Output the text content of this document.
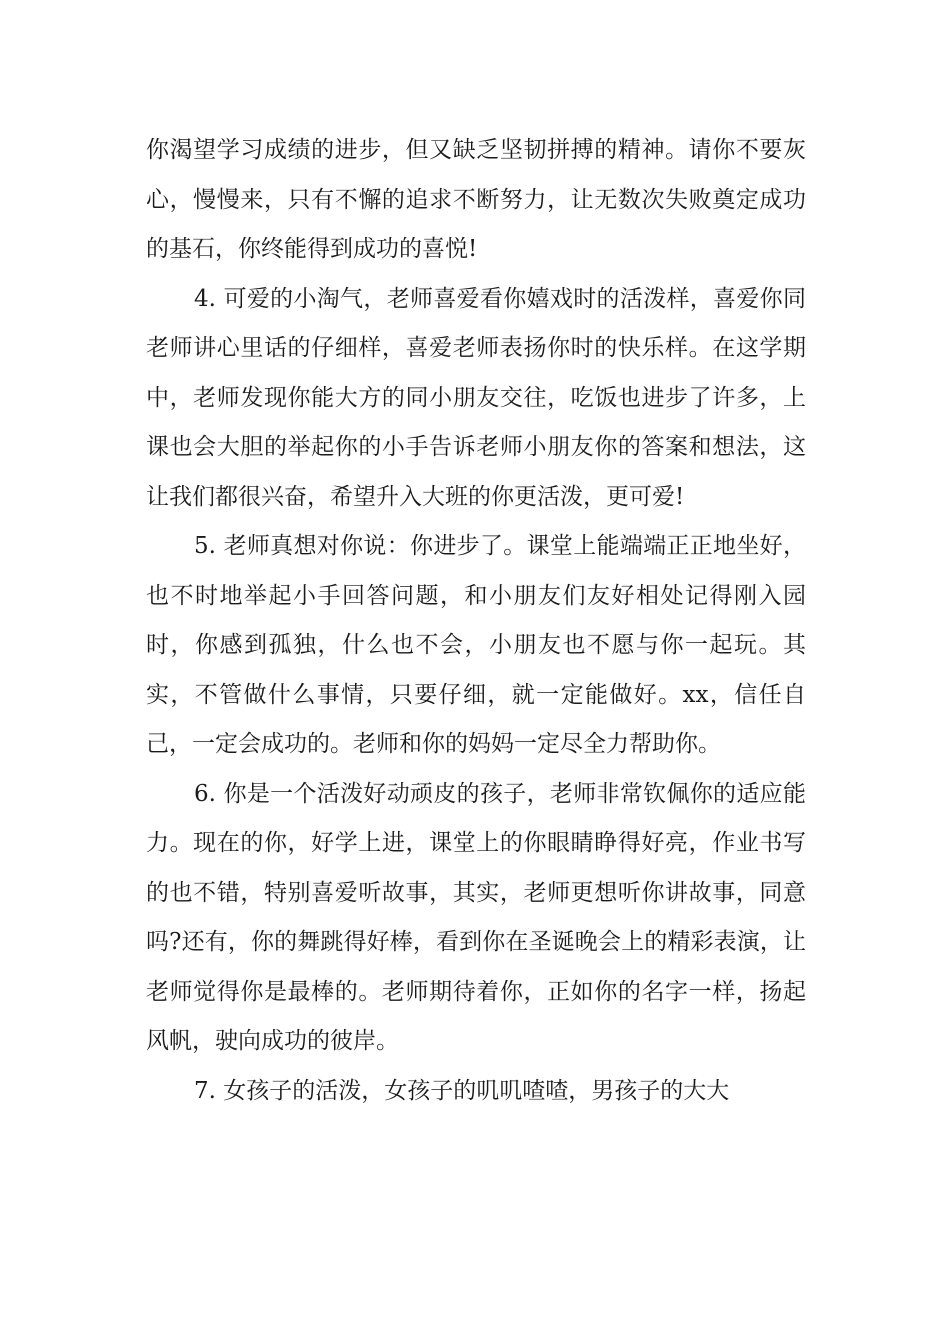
你渴望学习成绩的进步，但又缺乏坚韧拼搏的精神。请你不要灰心，慢慢来，只有不懈的追求不断努力，让无数次失败奠定成功的基石，你终能得到成功的喜悦!

4. 可爱的小淘气，老师喜爱看你嬉戏时的活泼样，喜爱你同老师讲心里话的仔细样，喜爱老师表扬你时的快乐样。在这学期中，老师发现你能大方的同小朋友交往，吃饭也进步了许多，上课也会大胆的举起你的小手告诉老师小朋友你的答案和想法，这让我们都很兴奋，希望升入大班的你更活泼，更可爱!

5. 老师真想对你说：你进步了。课堂上能端端正正地坐好，也不时地举起小手回答问题，和小朋友们友好相处记得刚入园时，你感到孤独，什么也不会，小朋友也不愿与你一起玩。其实，不管做什么事情，只要仔细，就一定能做好。xx，信任自己，一定会成功的。老师和你的妈妈一定尽全力帮助你。

6. 你是一个活泼好动顽皮的孩子，老师非常钦佩你的适应能力。现在的你，好学上进，课堂上的你眼睛睁得好亮，作业书写的也不错，特别喜爱听故事，其实，老师更想听你讲故事，同意吗?还有，你的舞跳得好棒，看到你在圣诞晚会上的精彩表演，让老师觉得你是最棒的。老师期待着你，正如你的名字一样，扬起风帆，驶向成功的彼岸。

7. 女孩子的活泼，女孩子的叽叽喳喳，男孩子的大大
